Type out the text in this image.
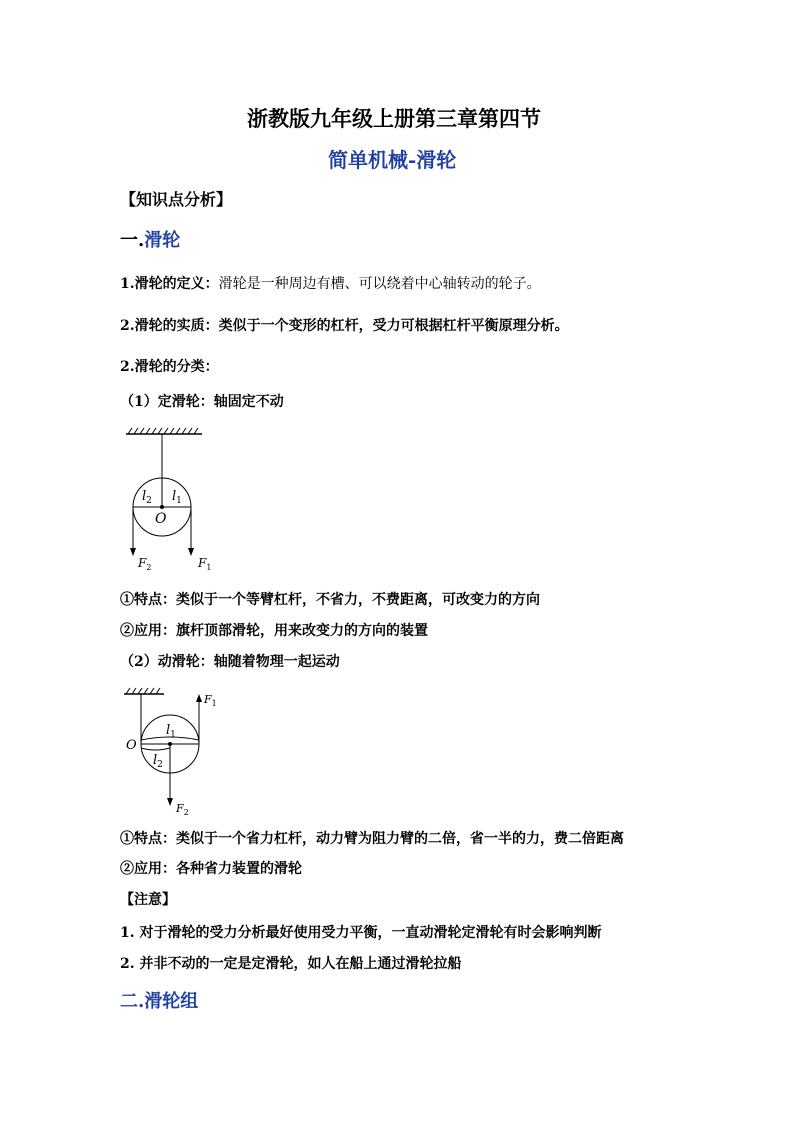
浙教版九年级上册第三章第四节
简单机械-滑轮
【知识点分析】
一.滑轮
1.滑轮的定义：滑轮是一种周边有槽、可以绕着中心轴转动的轮子。
2.滑轮的实质：类似于一个变形的杠杆，受力可根据杠杆平衡原理分析。
2.滑轮的分类：
（1）定滑轮：轴固定不动
$l_2$ $l_1$
O
$F_2$	$F_1$
①特点：类似于一个等臂杠杆，不省力，不费距离，可改变力的方向
②应用：旗杆顶部滑轮，用来改变力的方向的装置
（2）动滑轮：轴随着物理一起运动
$F_1$
$l_1$
O
$l_2$
$F_2$
①特点：类似于一个省力杠杆，动力臂为阻力臂的二倍，省一半的力，费二倍距离
②应用：各种省力装置的滑轮
【注意】
1. 对于滑轮的受力分析最好使用受力平衡，一直动滑轮定滑轮有时会影响判断
2. 并非不动的一定是定滑轮，如人在船上通过滑轮拉船
二.滑轮组
